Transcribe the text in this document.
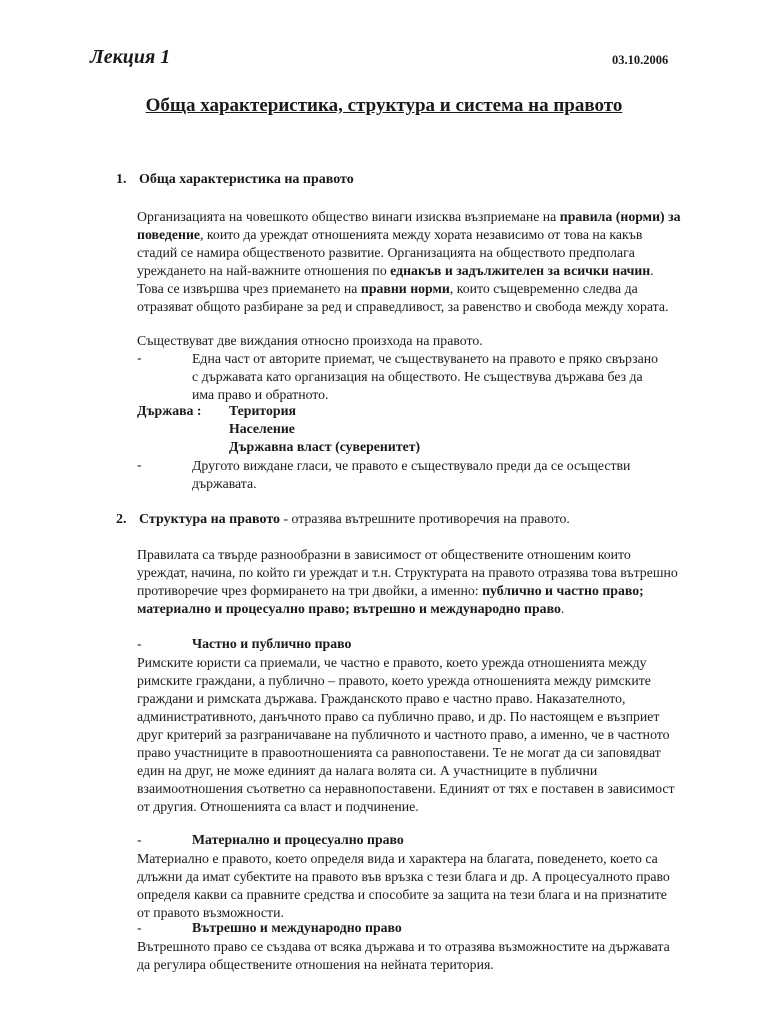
Лекция 1	03.10.2006
Обща характеристика, структура и система на правото
1. Обща характеристика на правото

Организацията на човешкото общество винаги изисква възприемане на правила (норми) за поведение, които да уреждат отношенията между хората независимо от това на какъв стадий се намира общественото развитие. Организацията на обществото предполага уреждането на най-важните отношения по еднакъв и задължителен за всички начин. Това се извършва чрез приемането на правни норми, които същевременно следва да отразяват общото разбиране за ред и справедливост, за равенство и свобода между хората.

Съществуват две виждания относно произхода на правото.
-	Една част от авторите приемат, че съществуването на правото е пряко свързано с държавата като организация на обществото. Не съществува държава без да има право и обратното.
Държава : Територия
Население
Държавна власт (суверенитет)
-	Другото виждане гласи, че правото е съществувало преди да се осъществи държавата.
2. Структура на правото - отразява вътрешните противоречия на правото.
Правилата са твърде разнообразни в зависимост от обществените отношеним които уреждат, начина, по който ги уреждат и т.н. Структурата на правото отразява това вътрешно противоречие чрез формирането на три двойки, а именно: публично и частно право; материално и процесуално право; вътрешно и международно право.
-	Частно и публично право
Римските юристи са приемали, че частно е правото, което урежда отношенията между римските граждани, а публично – правото, което урежда отношенията между римските граждани и римската държава. Гражданското право е частно право. Наказателното, административното, данъчното право са публично право, и др. По настоящем е възприет друг критерий за разграничаване на публичното и частното право, а именно, че в частното право участниците в правоотношенията са равнопоставени. Те не могат да си заповядват един на друг, не може единият да налага волята си. А участниците в публични взаимоотношения съответно са неравнопоставени. Единият от тях е поставен в зависимост от другия. Отношенията са власт и подчинение.
-	Материално и процесуално право
Материално е правото, което определя вида и характера на благата, поведенето, което са длъжни да имат субектите на правото във връзка с тези блага и др. А процесуалното право определя какви са правните средства и способите за защита на тези блага и на признатите от правото възможности.
-	Вътрешно и международно право
Вътрешното право се създава от всяка държава и то отразява възможностите на държавата да регулира обществените отношения на нейната територия.
